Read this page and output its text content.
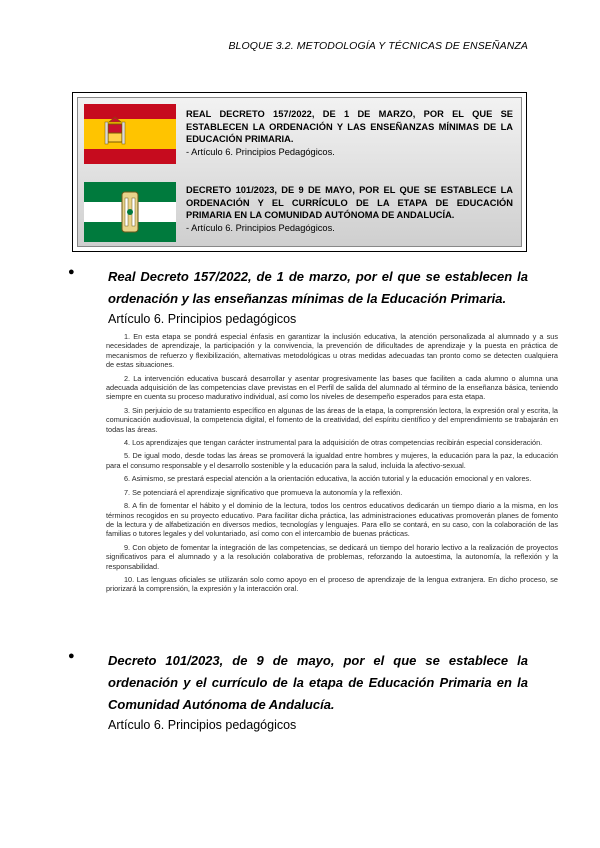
BLOQUE 3.2. METODOLOGÍA Y TÉCNICAS DE ENSEÑANZA
REAL DECRETO 157/2022, DE 1 DE MARZO, POR EL QUE SE ESTABLECEN LA ORDENACIÓN Y LAS ENSEÑANZAS MÍNIMAS DE LA EDUCACIÓN PRIMARIA.
- Artículo 6. Principios Pedagógicos.
DECRETO 101/2023, DE 9 DE MAYO, POR EL QUE SE ESTABLECE LA ORDENACIÓN Y EL CURRÍCULO DE LA ETAPA DE EDUCACIÓN PRIMARIA EN LA COMUNIDAD AUTÓNOMA DE ANDALUCÍA.
- Artículo 6. Principios Pedagógicos.
●	Real Decreto 157/2022, de 1 de marzo, por el que se establecen la ordenación y las enseñanzas mínimas de la Educación Primaria.
Artículo 6. Principios pedagógicos

1. En esta etapa se pondrá especial énfasis en garantizar la inclusión educativa, la atención personalizada al alumnado y a sus necesidades de aprendizaje, la participación y la convivencia, la prevención de dificultades de aprendizaje y la puesta en práctica de mecanismos de refuerzo y flexibilización, alternativas metodológicas u otras medidas adecuadas tan pronto como se detecten cualquiera de estas situaciones.

2. La intervención educativa buscará desarrollar y asentar progresivamente las bases que faciliten a cada alumno o alumna una adecuada adquisición de las competencias clave previstas en el Perfil de salida del alumnado al término de la enseñanza básica, teniendo siempre en cuenta su proceso madurativo individual, así como los niveles de desempeño esperados para esta etapa.

3. Sin perjuicio de su tratamiento específico en algunas de las áreas de la etapa, la comprensión lectora, la expresión oral y escrita, la comunicación audiovisual, la competencia digital, el fomento de la creatividad, del espíritu científico y del emprendimiento se trabajarán en todas las áreas.

4. Los aprendizajes que tengan carácter instrumental para la adquisición de otras competencias recibirán especial consideración.

5. De igual modo, desde todas las áreas se promoverá la igualdad entre hombres y mujeres, la educación para la paz, la educación para el consumo responsable y el desarrollo sostenible y la educación para la salud, incluida la afectivo-sexual.

6. Asimismo, se prestará especial atención a la orientación educativa, la acción tutorial y la educación emocional y en valores.

7. Se potenciará el aprendizaje significativo que promueva la autonomía y la reflexión.

8. A fin de fomentar el hábito y el dominio de la lectura, todos los centros educativos dedicarán un tiempo diario a la misma, en los términos recogidos en su proyecto educativo. Para facilitar dicha práctica, las administraciones educativas promoverán planes de fomento de la lectura y de alfabetización en diversos medios, tecnologías y lenguajes. Para ello se contará, en su caso, con la colaboración de las familias o tutores legales y del voluntariado, así como con el intercambio de buenas prácticas.

9. Con objeto de fomentar la integración de las competencias, se dedicará un tiempo del horario lectivo a la realización de proyectos significativos para el alumnado y a la resolución colaborativa de problemas, reforzando la autoestima, la autonomía, la reflexión y la responsabilidad.

10. Las lenguas oficiales se utilizarán solo como apoyo en el proceso de aprendizaje de la lengua extranjera. En dicho proceso, se priorizará la comprensión, la expresión y la interacción oral.

●	Decreto 101/2023, de 9 de mayo, por el que se establece la ordenación y el currículo de la etapa de Educación Primaria en la Comunidad Autónoma de Andalucía.
Artículo 6. Principios pedagógicos
